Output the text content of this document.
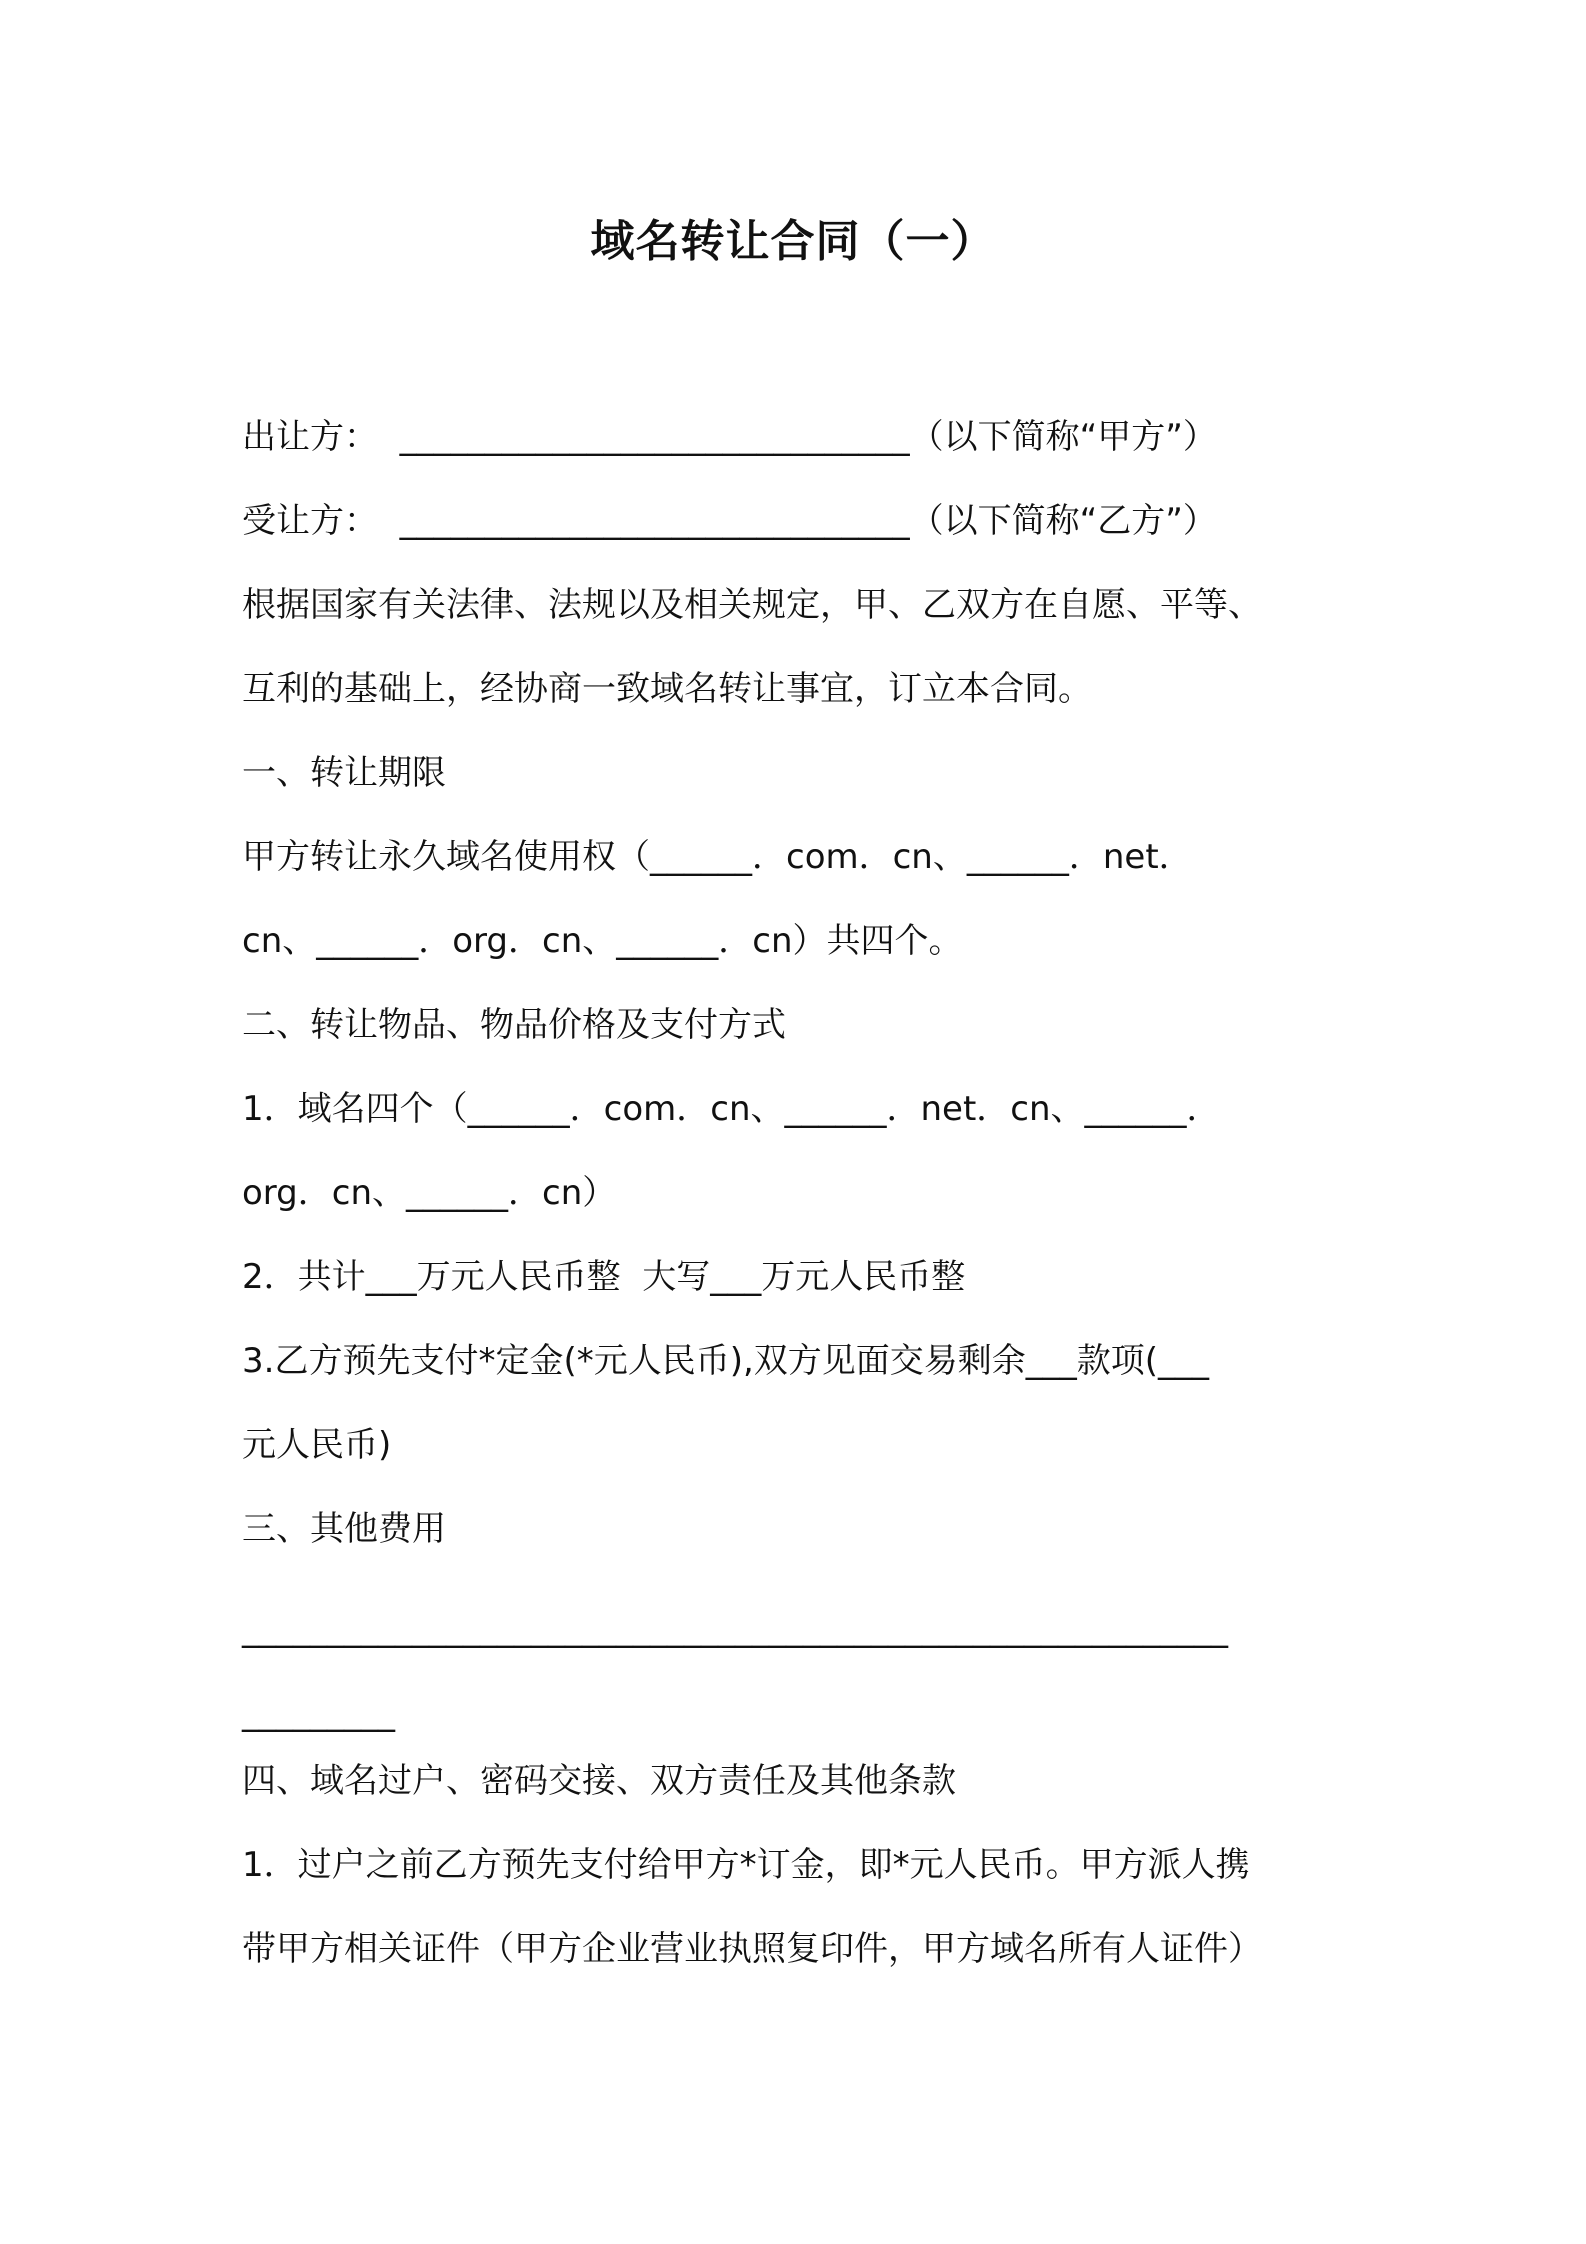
域名转让合同（一）
出让方：  ______________________________（以下简称“甲方”）
受让方：  ______________________________（以下简称“乙方”）
根据国家有关法律、法规以及相关规定，甲、乙双方在自愿、平等、
互利的基础上，经协商一致域名转让事宜，订立本合同。
一、转让期限
甲方转让永久域名使用权（______．com．cn、______．net．
cn、______．org．cn、______．cn）共四个。
二、转让物品、物品价格及支付方式
1．域名四个（______．com．cn、______．net．cn、______．
org．cn、______．cn）
2．共计___万元人民币整  大写___万元人民币整
3.乙方预先支付*定金(*元人民币),双方见面交易剩余___款项(___
元人民币)
三、其他费用
__________________________________________________________
_________
四、域名过户、密码交接、双方责任及其他条款
1．过户之前乙方预先支付给甲方*订金，即*元人民币。甲方派人携
带甲方相关证件（甲方企业营业执照复印件，甲方域名所有人证件）
